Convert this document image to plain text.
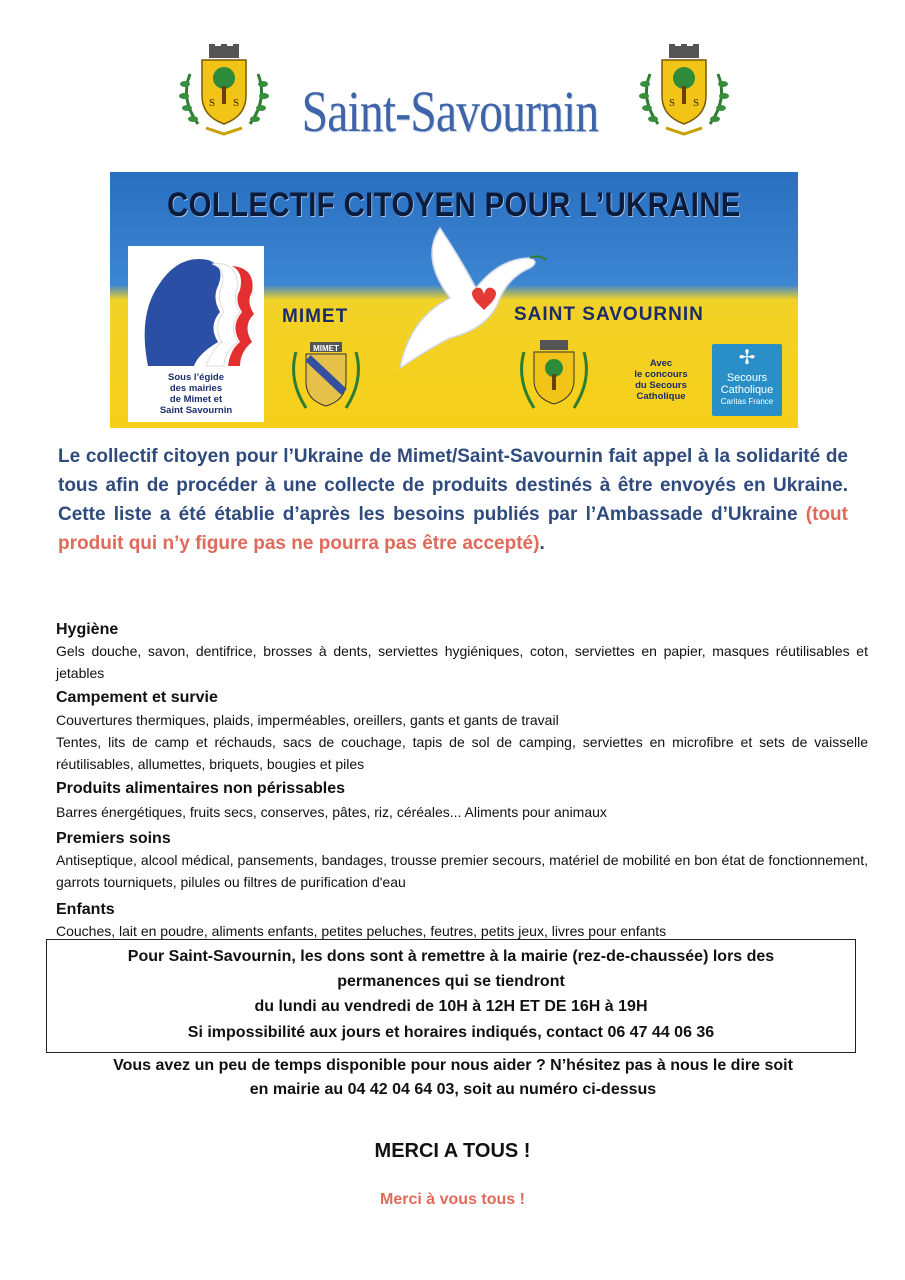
S S Saint-Savournin	S S
COLLECTIF CITOYEN POUR L’UKRAINE
Sous l’égide
des mairies
de Mimet et
Saint Savournin
MIMET
MIMET
SAINT SAVOURNIN
Avec
le concours
du Secours
Catholique
✢
Secours
Catholique
Caritas France
Le collectif citoyen pour l’Ukraine de Mimet/Saint-Savournin fait appel à la solidarité de tous afin de procéder à une collecte de produits destinés à être envoyés en Ukraine. Cette liste a été établie d’après les besoins publiés par l’Ambassade d’Ukraine (tout produit qui n’y figure pas ne pourra pas être accepté).
Hygiène
Gels douche, savon, dentifrice, brosses à dents, serviettes hygiéniques, coton, serviettes en papier, masques réutilisables et jetables
Campement et survie
Couvertures thermiques, plaids, imperméables, oreillers, gants et gants de travail
Tentes, lits de camp et réchauds, sacs de couchage, tapis de sol de camping, serviettes en microfibre et sets de vaisselle réutilisables, allumettes, briquets, bougies et piles
Produits alimentaires non périssables
Barres énergétiques, fruits secs, conserves, pâtes, riz, céréales... Aliments pour animaux
Premiers soins
Antiseptique, alcool médical, pansements, bandages, trousse premier secours, matériel de mobilité en bon état de fonctionnement, garrots tourniquets, pilules ou filtres de purification d'eau
Enfants
Couches, lait en poudre, aliments enfants, petites peluches, feutres, petits jeux, livres pour enfants
Pour Saint-Savournin, les dons sont à remettre à la mairie (rez-de-chaussée) lors des
permanences qui se tiendront
du lundi au vendredi de 10H à 12H ET DE 16H à 19H
Si impossibilité aux jours et horaires indiqués, contact 06 47 44 06 36
Vous avez un peu de temps disponible pour nous aider ? N’hésitez pas à nous le dire soit
en mairie au 04 42 04 64 03, soit au numéro ci-dessus
MERCI A TOUS !
Merci à vous tous !
